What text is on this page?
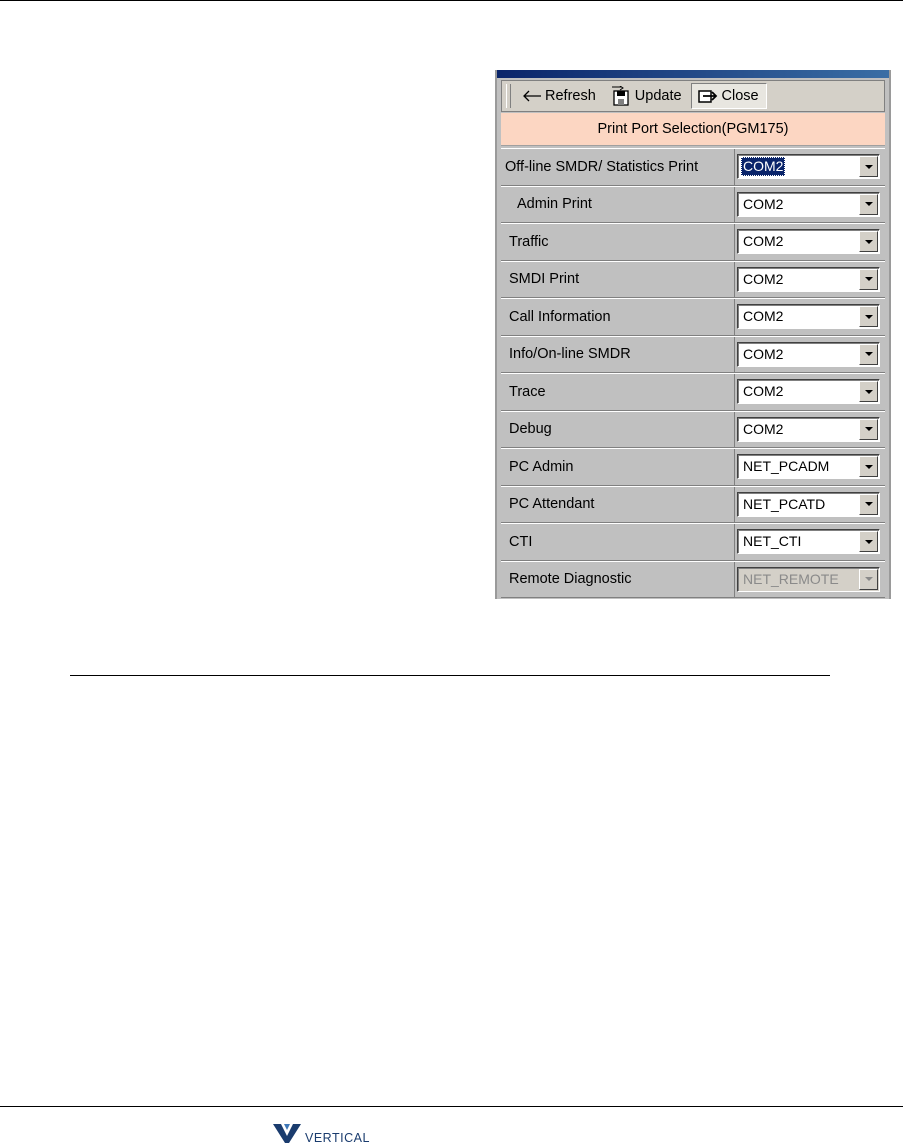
Refresh	Update	Close
Print Port Selection(PGM175)
Off-line SMDR/ Statistics Print	COM2
Admin Print	COM2
Traffic	COM2
SMDI Print	COM2
Call Information	COM2
Info/On-line SMDR	COM2
Trace	COM2
Debug	COM2
PC Admin	NET_PCADM
PC Attendant	NET_PCATD
CTI	NET_CTI
Remote Diagnostic	NET_REMOTE
VERTICAL
